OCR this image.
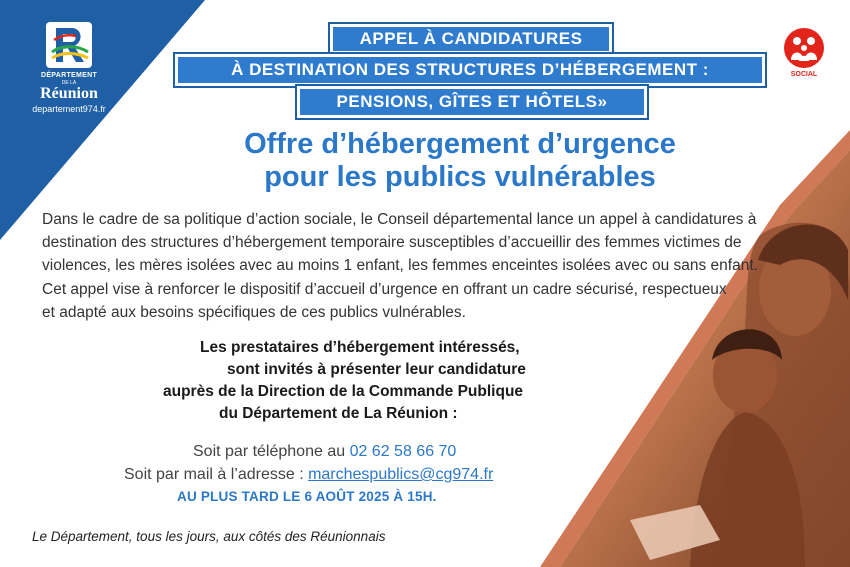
DÉPARTEMENT
DE LA
Réunion
departement974.fr
APPEL À CANDIDATURES
À DESTINATION DES STRUCTURES D’HÉBERGEMENT :
PENSIONS, GÎTES ET HÔTELS»
SOCIAL
Offre d’hébergement d’urgence
pour les publics vulnérables
Dans le cadre de sa politique d’action sociale, le Conseil départemental lance un appel à candidatures à
destination des structures d’hébergement temporaire susceptibles d’accueillir des femmes victimes de
violences, les mères isolées avec au moins 1 enfant, les femmes enceintes isolées avec ou sans enfant.
Cet appel vise à renforcer le dispositif d’accueil d’urgence en offrant un cadre sécurisé, respectueux
et adapté aux besoins spécifiques de ces publics vulnérables.
Les prestataires d’hébergement intéressés,
sont invités à présenter leur candidature
auprès de la Direction de la Commande Publique
du Département de La Réunion :
Soit par téléphone au 02 62 58 66 70
Soit par mail à l’adresse : marchespublics@cg974.fr
AU PLUS TARD LE 6 AOÛT 2025 À 15H.
Le Département, tous les jours, aux côtés des Réunionnais
